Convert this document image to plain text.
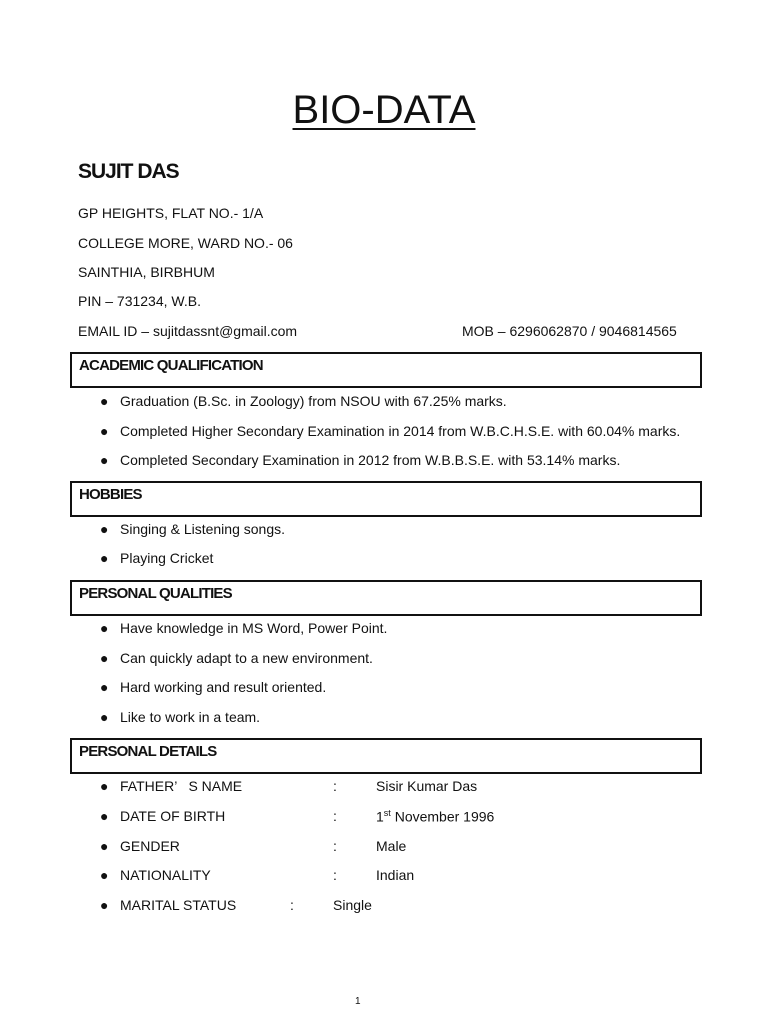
BIO-DATA
SUJIT DAS
GP HEIGHTS, FLAT NO.- 1/A
COLLEGE MORE, WARD NO.- 06
SAINTHIA, BIRBHUM
PIN – 731234, W.B.
EMAIL ID – sujitdassnt@gmail.com	MOB – 6296062870 / 9046814565
ACADEMIC QUALIFICATION
● Graduation (B.Sc. in Zoology) from NSOU with 67.25% marks.
● Completed Higher Secondary Examination in 2014 from W.B.C.H.S.E. with 60.04% marks.
● Completed Secondary Examination in 2012 from W.B.B.S.E. with 53.14% marks.
HOBBIES
● Singing & Listening songs.
● Playing Cricket
PERSONAL QUALITIES
● Have knowledge in MS Word, Power Point.
● Can quickly adapt to a new environment.
● Hard working and result oriented.
● Like to work in a team.
PERSONAL DETAILS
● FATHER’   S NAME	:	Sisir Kumar Das
● DATE OF BIRTH	:	1st November 1996
● GENDER	:	Male
● NATIONALITY	:	Indian
● MARITAL STATUS	:	Single
1
